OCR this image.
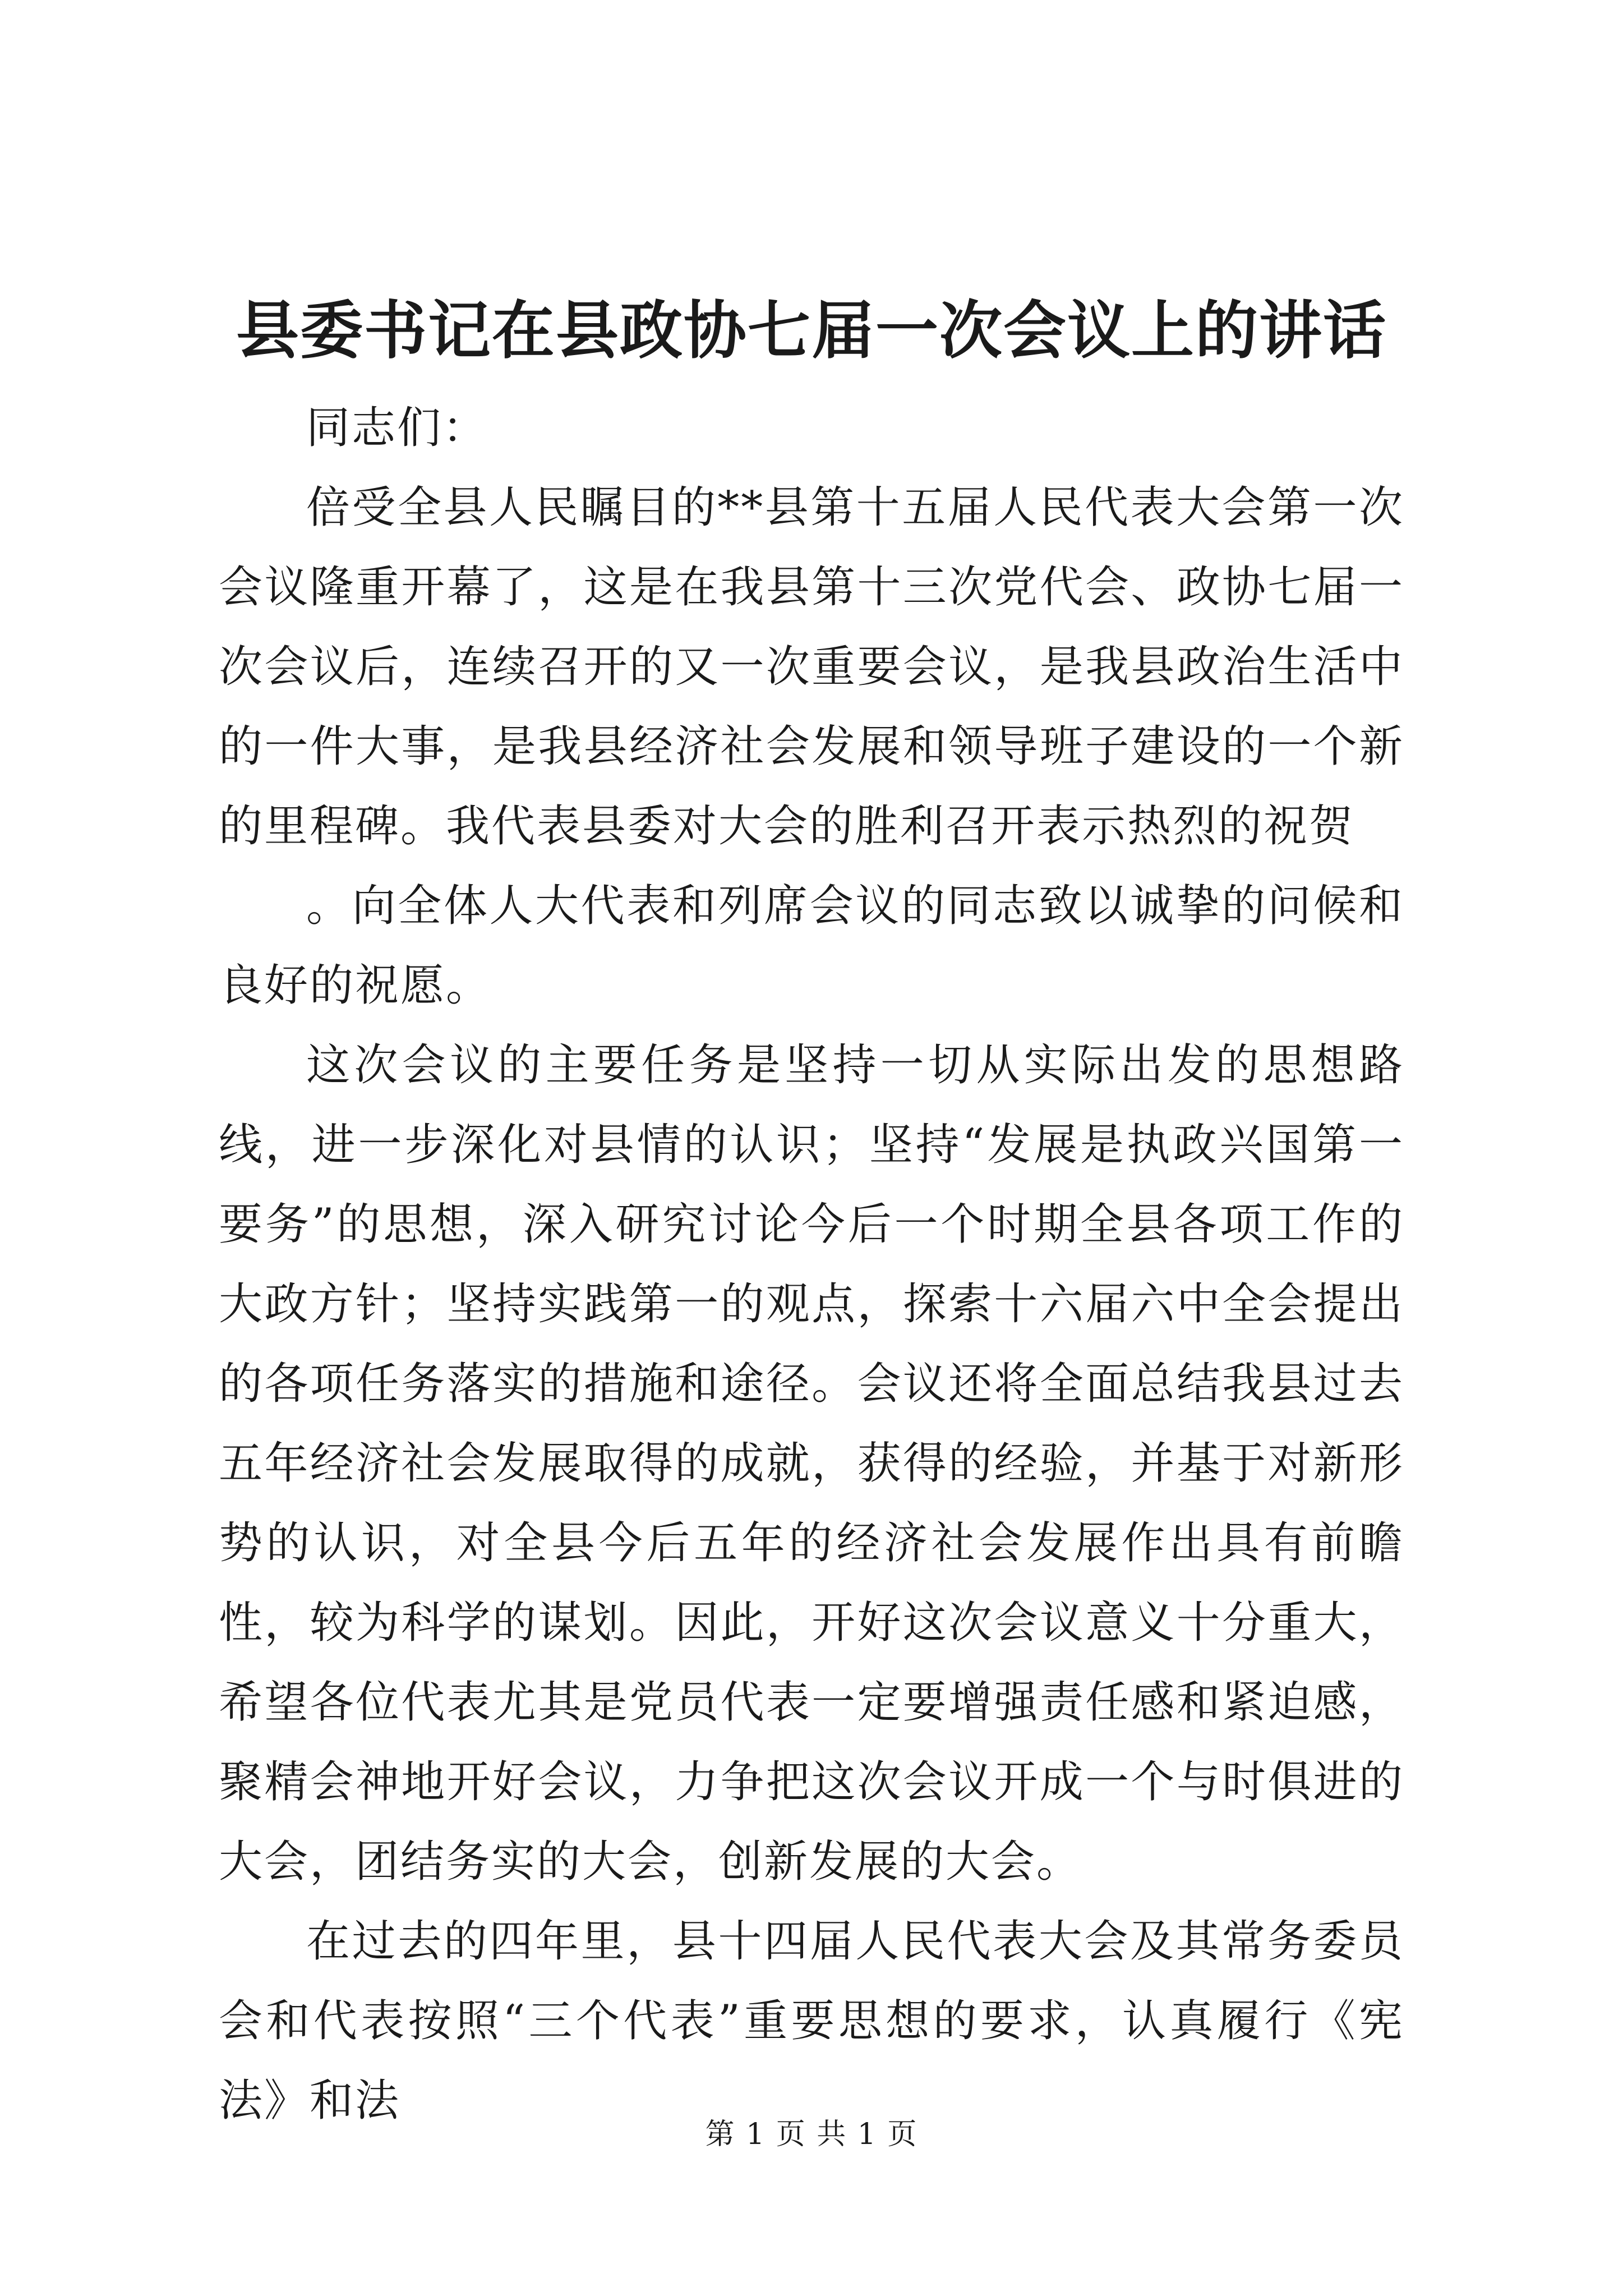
县委书记在县政协七届一次会议上的讲话

同志们：

倍受全县人民瞩目的**县第十五届人民代表大会第一次会议隆重开幕了，这是在我县第十三次党代会、政协七届一次会议后，连续召开的又一次重要会议，是我县政治生活中的一件大事，是我县经济社会发展和领导班子建设的一个新的里程碑。我代表县委对大会的胜利召开表示热烈的祝贺

。向全体人大代表和列席会议的同志致以诚挚的问候和良好的祝愿。

这次会议的主要任务是坚持一切从实际出发的思想路线，进一步深化对县情的认识；坚持“发展是执政兴国第一要务”的思想，深入研究讨论今后一个时期全县各项工作的大政方针；坚持实践第一的观点，探索十六届六中全会提出的各项任务落实的措施和途径。会议还将全面总结我县过去五年经济社会发展取得的成就，获得的经验，并基于对新形势的认识，对全县今后五年的经济社会发展作出具有前瞻性，较为科学的谋划。因此，开好这次会议意义十分重大，希望各位代表尤其是党员代表一定要增强责任感和紧迫感，聚精会神地开好会议，力争把这次会议开成一个与时俱进的大会，团结务实的大会，创新发展的大会。

在过去的四年里，县十四届人民代表大会及其常务委员会和代表按照“三个代表”重要思想的要求，认真履行《宪法》和法

第 1 页 共 1 页
